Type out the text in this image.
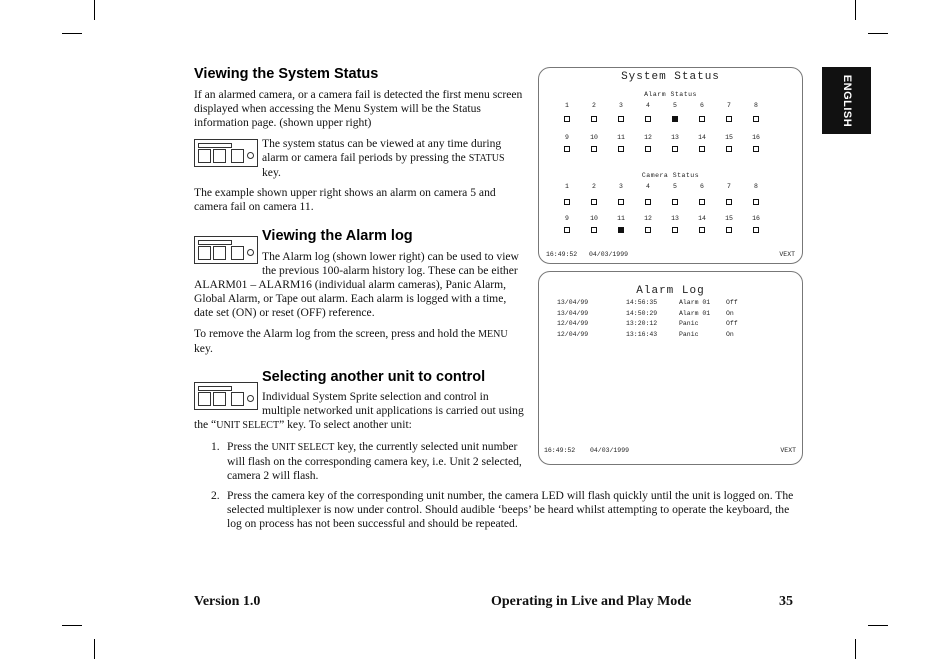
ENGLISH
Viewing the System Status
If an alarmed camera, or a camera fail is detected the first menu screen
displayed when accessing the Menu System will be the Status
information page. (shown upper right)
The system status can be viewed at any time during
alarm or camera fail periods by pressing the STATUS
key.
The example shown upper right shows an alarm on camera 5 and
camera fail on camera 11.
Viewing the Alarm log
The Alarm log (shown lower right) can be used to view
the previous 100-alarm history log. These can be either
ALARM01 – ALARM16 (individual alarm cameras), Panic Alarm,
Global Alarm, or Tape out alarm. Each alarm is logged with a time,
date set (ON) or reset (OFF) reference.
To remove the Alarm log from the screen, press and hold the MENU
key.
Selecting another unit to control
Individual System Sprite selection and control in
multiple networked unit applications is carried out using
the “UNIT SELECT” key. To select another unit:
1. Press the UNIT SELECT key, the currently selected unit number
will flash on the corresponding camera key, i.e. Unit 2 selected,
camera 2 will flash.
2. Press the camera key of the corresponding unit number, the camera LED will flash quickly until the unit is logged on. The
selected multiplexer is now under control. Should audible ‘beeps’ be heard whilst attempting to operate the keyboard, the
log on process has not been successful and should be repeated.
System Status
Alarm Status
Camera Status
16:49:52 04/03/1999	VEXT
1	2	3	4	5	6	7	8
9	10	11	12	13	14	15	16
1	2	3	4	5	6	7	8
9	10	11	12	13	14	15	16
Alarm Log
16:49:52 04/03/1999	VEXT
13/04/99	14:56:35	Alarm 01 Off
13/04/99	14:50:29	Alarm 01 On
12/04/99	13:20:12	Panic	Off
12/04/99	13:16:43	Panic	On
Version 1.0	Operating in Live and Play Mode	35
